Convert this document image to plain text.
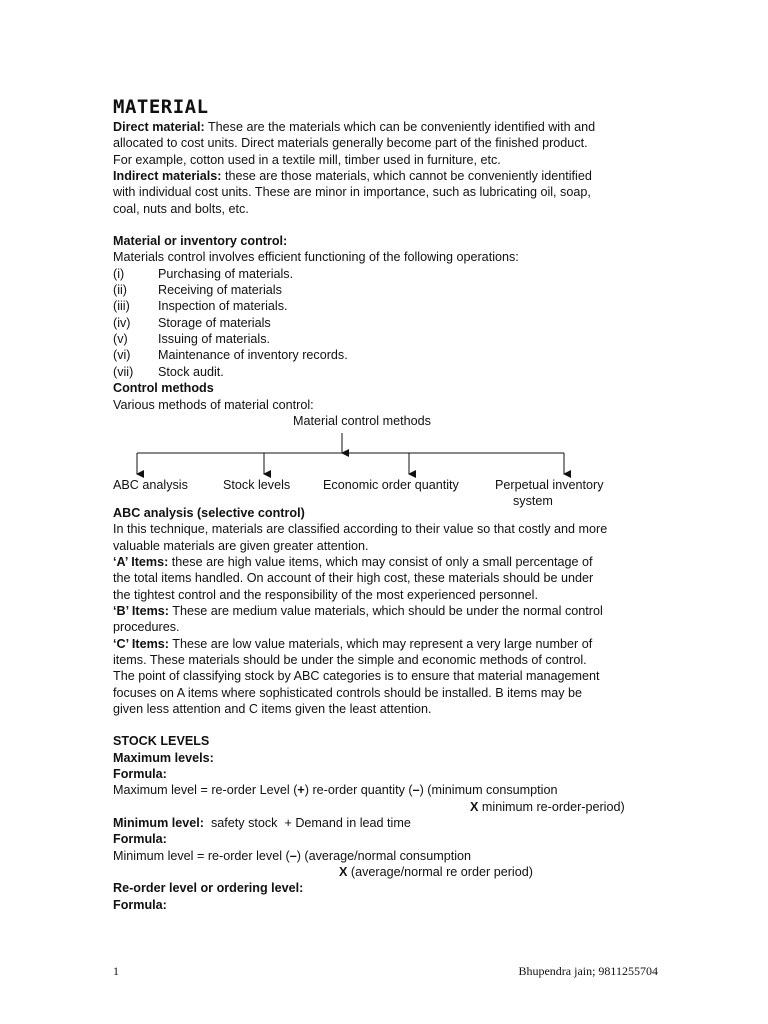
MATERIAL
Direct material: These are the materials which can be conveniently identified with and
allocated to cost units. Direct materials generally become part of the finished product.
For example, cotton used in a textile mill, timber used in furniture, etc.
Indirect materials: these are those materials, which cannot be conveniently identified
with individual cost units. These are minor in importance, such as lubricating oil, soap,
coal, nuts and bolts, etc.
Material or inventory control:
Materials control involves efficient functioning of the following operations:
(i)	Purchasing of materials.
(ii)	Receiving of materials
(iii)	Inspection of materials.
(iv)	Storage of materials
(v)	Issuing of materials.
(vi)	Maintenance of inventory records.
(vii)	Stock audit.
Control methods
Various methods of material control:
Material control methods
ABC analysis	Stock levels	Economic order quantity	Perpetual inventory
system
ABC analysis (selective control)
In this technique, materials are classified according to their value so that costly and more
valuable materials are given greater attention.
‘A’ Items: these are high value items, which may consist of only a small percentage of
the total items handled. On account of their high cost, these materials should be under
the tightest control and the responsibility of the most experienced personnel.
‘B’ Items: These are medium value materials, which should be under the normal control
procedures.
‘C’ Items: These are low value materials, which may represent a very large number of
items. These materials should be under the simple and economic methods of control.
The point of classifying stock by ABC categories is to ensure that material management
focuses on A items where sophisticated controls should be installed. B items may be
given less attention and C items given the least attention.
STOCK LEVELS
Maximum levels:
Formula:
Maximum level = re-order Level (+) re-order quantity (–) (minimum consumption
X minimum re-order-period)
Minimum level:  safety stock  + Demand in lead time
Formula:
Minimum level = re-order level (–) (average/normal consumption
X (average/normal re order period)
Re-order level or ordering level:
Formula:
1	Bhupendra jain; 9811255704
